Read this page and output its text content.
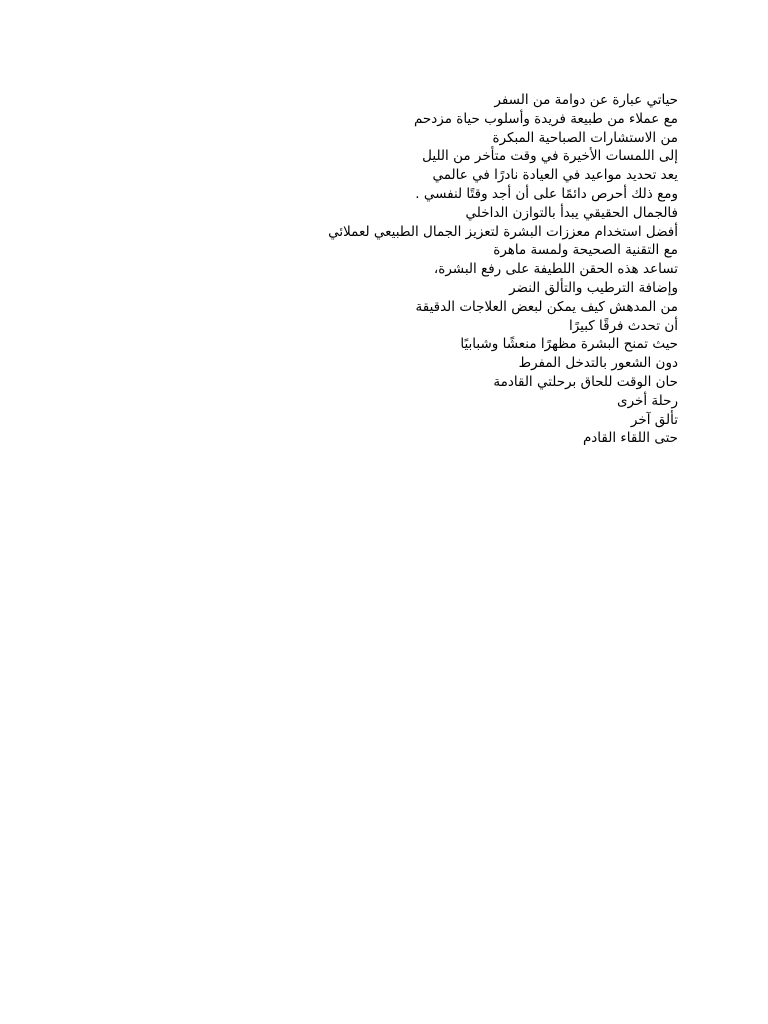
حياتي عبارة عن دوامة من السفر
مع عملاء من طبيعة فريدة وأسلوب حياة مزدحم
من الاستشارات الصباحية المبكرة
إلى اللمسات الأخيرة في وقت متأخر من الليل
يعد تحديد مواعيد في العيادة نادرًا في عالمي
ومع ذلك أحرص دائمًا على أن أجد وقتًا لنفسي .
فالجمال الحقيقي يبدأ بالتوازن الداخلي
أفضل استخدام معززات البشرة لتعزيز الجمال الطبيعي لعملائي
مع التقنية الصحيحة ولمسة ماهرة
تساعد هذه الحقن اللطيفة على رفع البشرة،
وإضافة الترطيب والتألق النضر
من المدهش كيف يمكن لبعض العلاجات الدقيقة
أن تحدث فرقًا كبيرًا
حيث تمنح البشرة مظهرًا منعشًا وشبابيًا
دون الشعور بالتدخل المفرط
حان الوقت للحاق برحلتي القادمة
رحلة أخرى
تألق آخر
حتى اللقاء القادم
